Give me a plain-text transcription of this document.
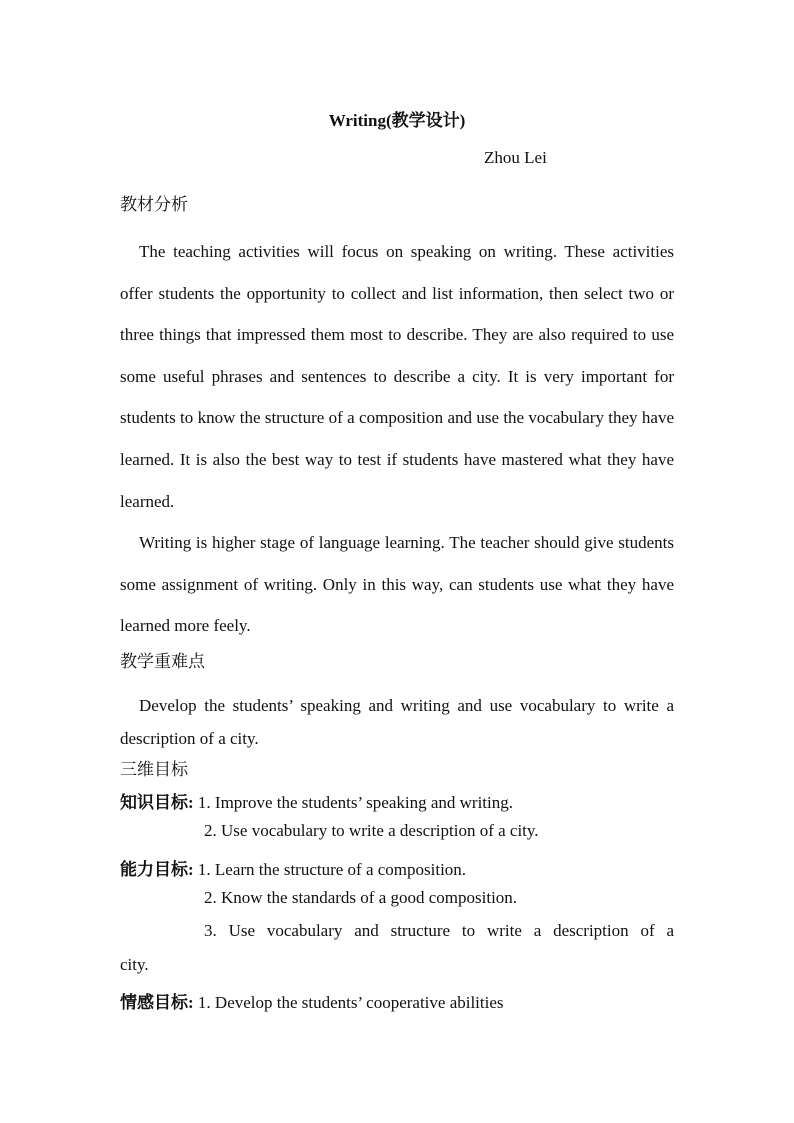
Writing(教学设计)
Zhou Lei
教材分析

The teaching activities will focus on speaking on writing. These activities offer students the opportunity to collect and list information, then select two or three things that impressed them most to describe. They are also required to use some useful phrases and sentences to describe a city. It is very important for students to know the structure of a composition and use the vocabulary they have learned. It is also the best way to test if students have mastered what they have learned.

Writing is higher stage of language learning. The teacher should give students some assignment of writing. Only in this way, can students use what they have learned more feely.

教学重难点

Develop the students’ speaking and writing and use vocabulary to write a description of a city.

三维目标
知识目标: 1. Improve the students’ speaking and writing.
2. Use vocabulary to write a description of a city.
能力目标: 1. Learn the structure of a composition.
2. Know the standards of a good composition.
3. Use vocabulary and structure to write a description of a
city.
情感目标: 1. Develop the students’ cooperative abilities
